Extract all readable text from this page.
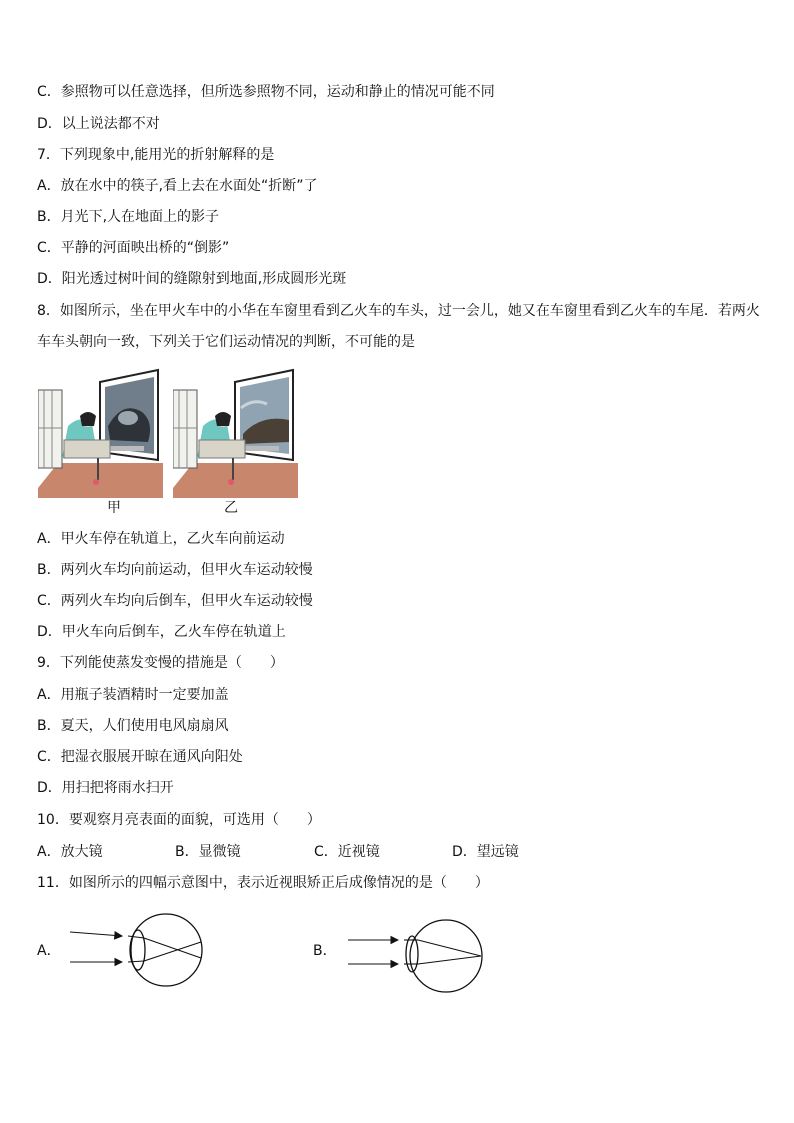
C．参照物可以任意选择，但所选参照物不同，运动和静止的情况可能不同
D．以上说法都不对
7．下列现象中,能用光的折射解释的是
A．放在水中的筷子,看上去在水面处“折断”了
B．月光下,人在地面上的影子
C．平静的河面映出桥的“倒影”
D．阳光透过树叶间的缝隙射到地面,形成圆形光斑
8．如图所示，坐在甲火车中的小华在车窗里看到乙火车的车头，过一会儿，她又在车窗里看到乙火车的车尾．若两火
车车头朝向一致，下列关于它们运动情况的判断，不可能的是
甲	乙
A．甲火车停在轨道上，乙火车向前运动
B．两列火车均向前运动，但甲火车运动较慢
C．两列火车均向后倒车，但甲火车运动较慢
D．甲火车向后倒车，乙火车停在轨道上
9．下列能使蒸发变慢的措施是（　　）
A．用瓶子装酒精时一定要加盖
B．夏天，人们使用电风扇扇风
C．把湿衣服展开晾在通风向阳处
D．用扫把将雨水扫开
10．要观察月亮表面的面貌，可选用（　　）
A．放大镜	B．显微镜	C．近视镜	D．望远镜
11．如图所示的四幅示意图中，表示近视眼矫正后成像情况的是（　　）
A．	B．
